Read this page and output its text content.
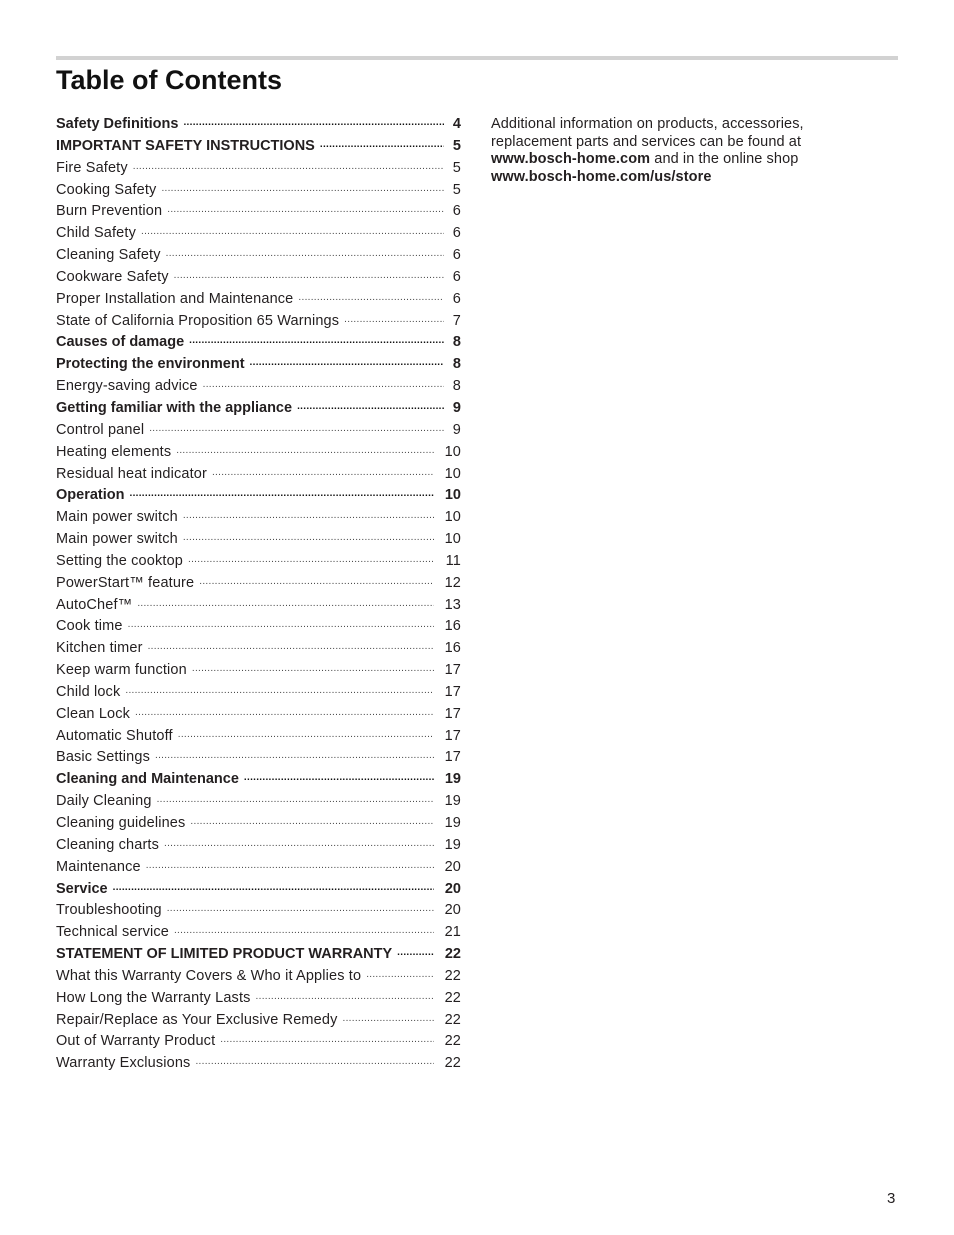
Table of Contents
Safety Definitions .....	4
IMPORTANT SAFETY INSTRUCTIONS .....	5
Fire Safety .....	5
Cooking Safety .....	5
Burn Prevention .....	6
Child Safety .....	6
Cleaning Safety .....	6
Cookware Safety .....	6
Proper Installation and Maintenance .....	6
State of California Proposition 65 Warnings .....	7
Causes of damage .....	8
Protecting the environment .....	8
Energy-saving advice .....	8
Getting familiar with the appliance .....	9
Control panel .....	9
Heating elements .....	10
Residual heat indicator .....	10
Operation .....	10
Main power switch .....	10
Main power switch .....	10
Setting the cooktop .....	11
PowerStart™ feature .....	12
AutoChef™ .....	13
Cook time .....	16
Kitchen timer .....	16
Keep warm function .....	17
Child lock .....	17
Clean Lock .....	17
Automatic Shutoff .....	17
Basic Settings .....	17
Cleaning and Maintenance .....	19
Daily Cleaning .....	19
Cleaning guidelines .....	19
Cleaning charts .....	19
Maintenance .....	20
Service .....	20
Troubleshooting .....	20
Technical service .....	21
STATEMENT OF LIMITED PRODUCT WARRANTY .....	22
What this Warranty Covers & Who it Applies to .....	22
How Long the Warranty Lasts .....	22
Repair/Replace as Your Exclusive Remedy .....	22
Out of Warranty Product .....	22
Warranty Exclusions .....	22

Additional information on products, accessories, replacement parts and services can be found at www.bosch-home.com and in the online shop www.bosch-home.com/us/store

3
